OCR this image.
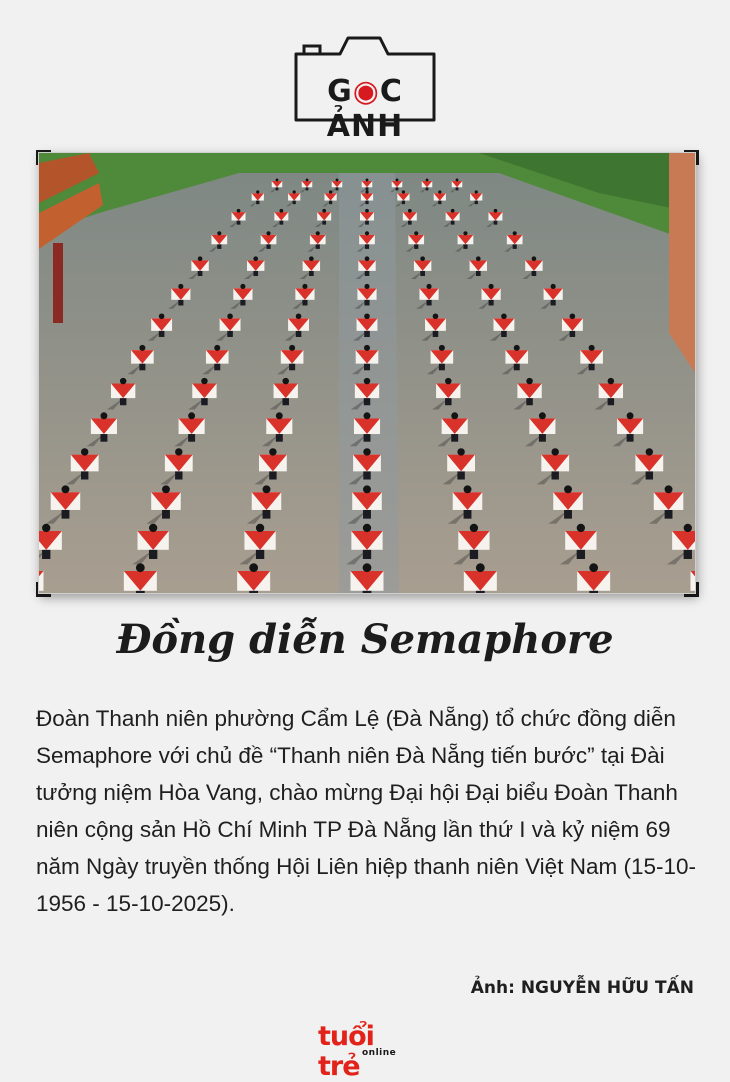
G◉C ẢNH
Đồng diễn Semaphore
Đoàn Thanh niên phường Cẩm Lệ (Đà Nẵng) tổ chức đồng diễn Semaphore với chủ đề “Thanh niên Đà Nẵng tiến bước” tại Đài tưởng niệm Hòa Vang, chào mừng Đại hội Đại biểu Đoàn Thanh niên cộng sản Hồ Chí Minh TP Đà Nẵng lần thứ I và kỷ niệm 69 năm Ngày truyền thống Hội Liên hiệp thanh niên Việt Nam (15-10-1956 - 15-10-2025).
Ảnh: NGUYỄN HỮU TẤN
tuổi trẻ online
